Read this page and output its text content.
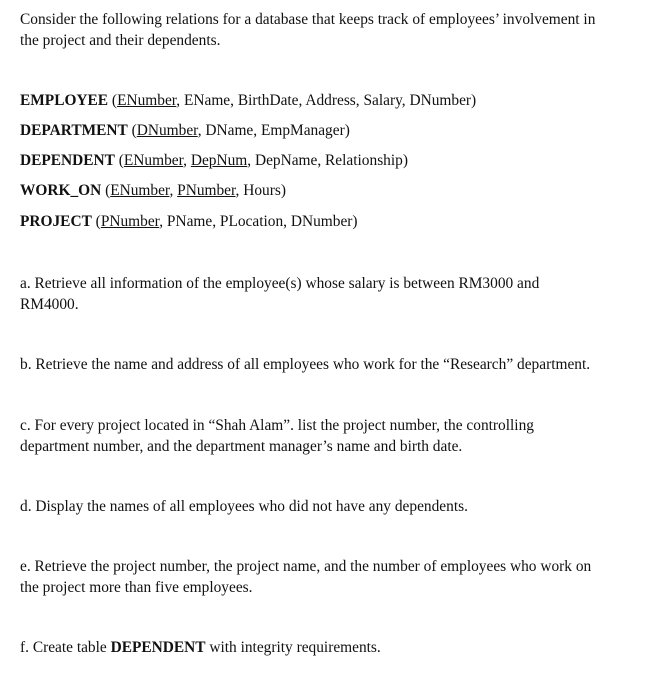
Consider the following relations for a database that keeps track of employees’ involvement in
the project and their dependents.
EMPLOYEE (ENumber, EName, BirthDate, Address, Salary, DNumber)
DEPARTMENT (DNumber, DName, EmpManager)
DEPENDENT (ENumber, DepNum, DepName, Relationship)
WORK_ON (ENumber, PNumber, Hours)
PROJECT (PNumber, PName, PLocation, DNumber)
a. Retrieve all information of the employee(s) whose salary is between RM3000 and
RM4000.
b. Retrieve the name and address of all employees who work for the “Research” department.
c. For every project located in “Shah Alam”. list the project number, the controlling
department number, and the department manager’s name and birth date.
d. Display the names of all employees who did not have any dependents.
e. Retrieve the project number, the project name, and the number of employees who work on
the project more than five employees.
f. Create table DEPENDENT with integrity requirements.
